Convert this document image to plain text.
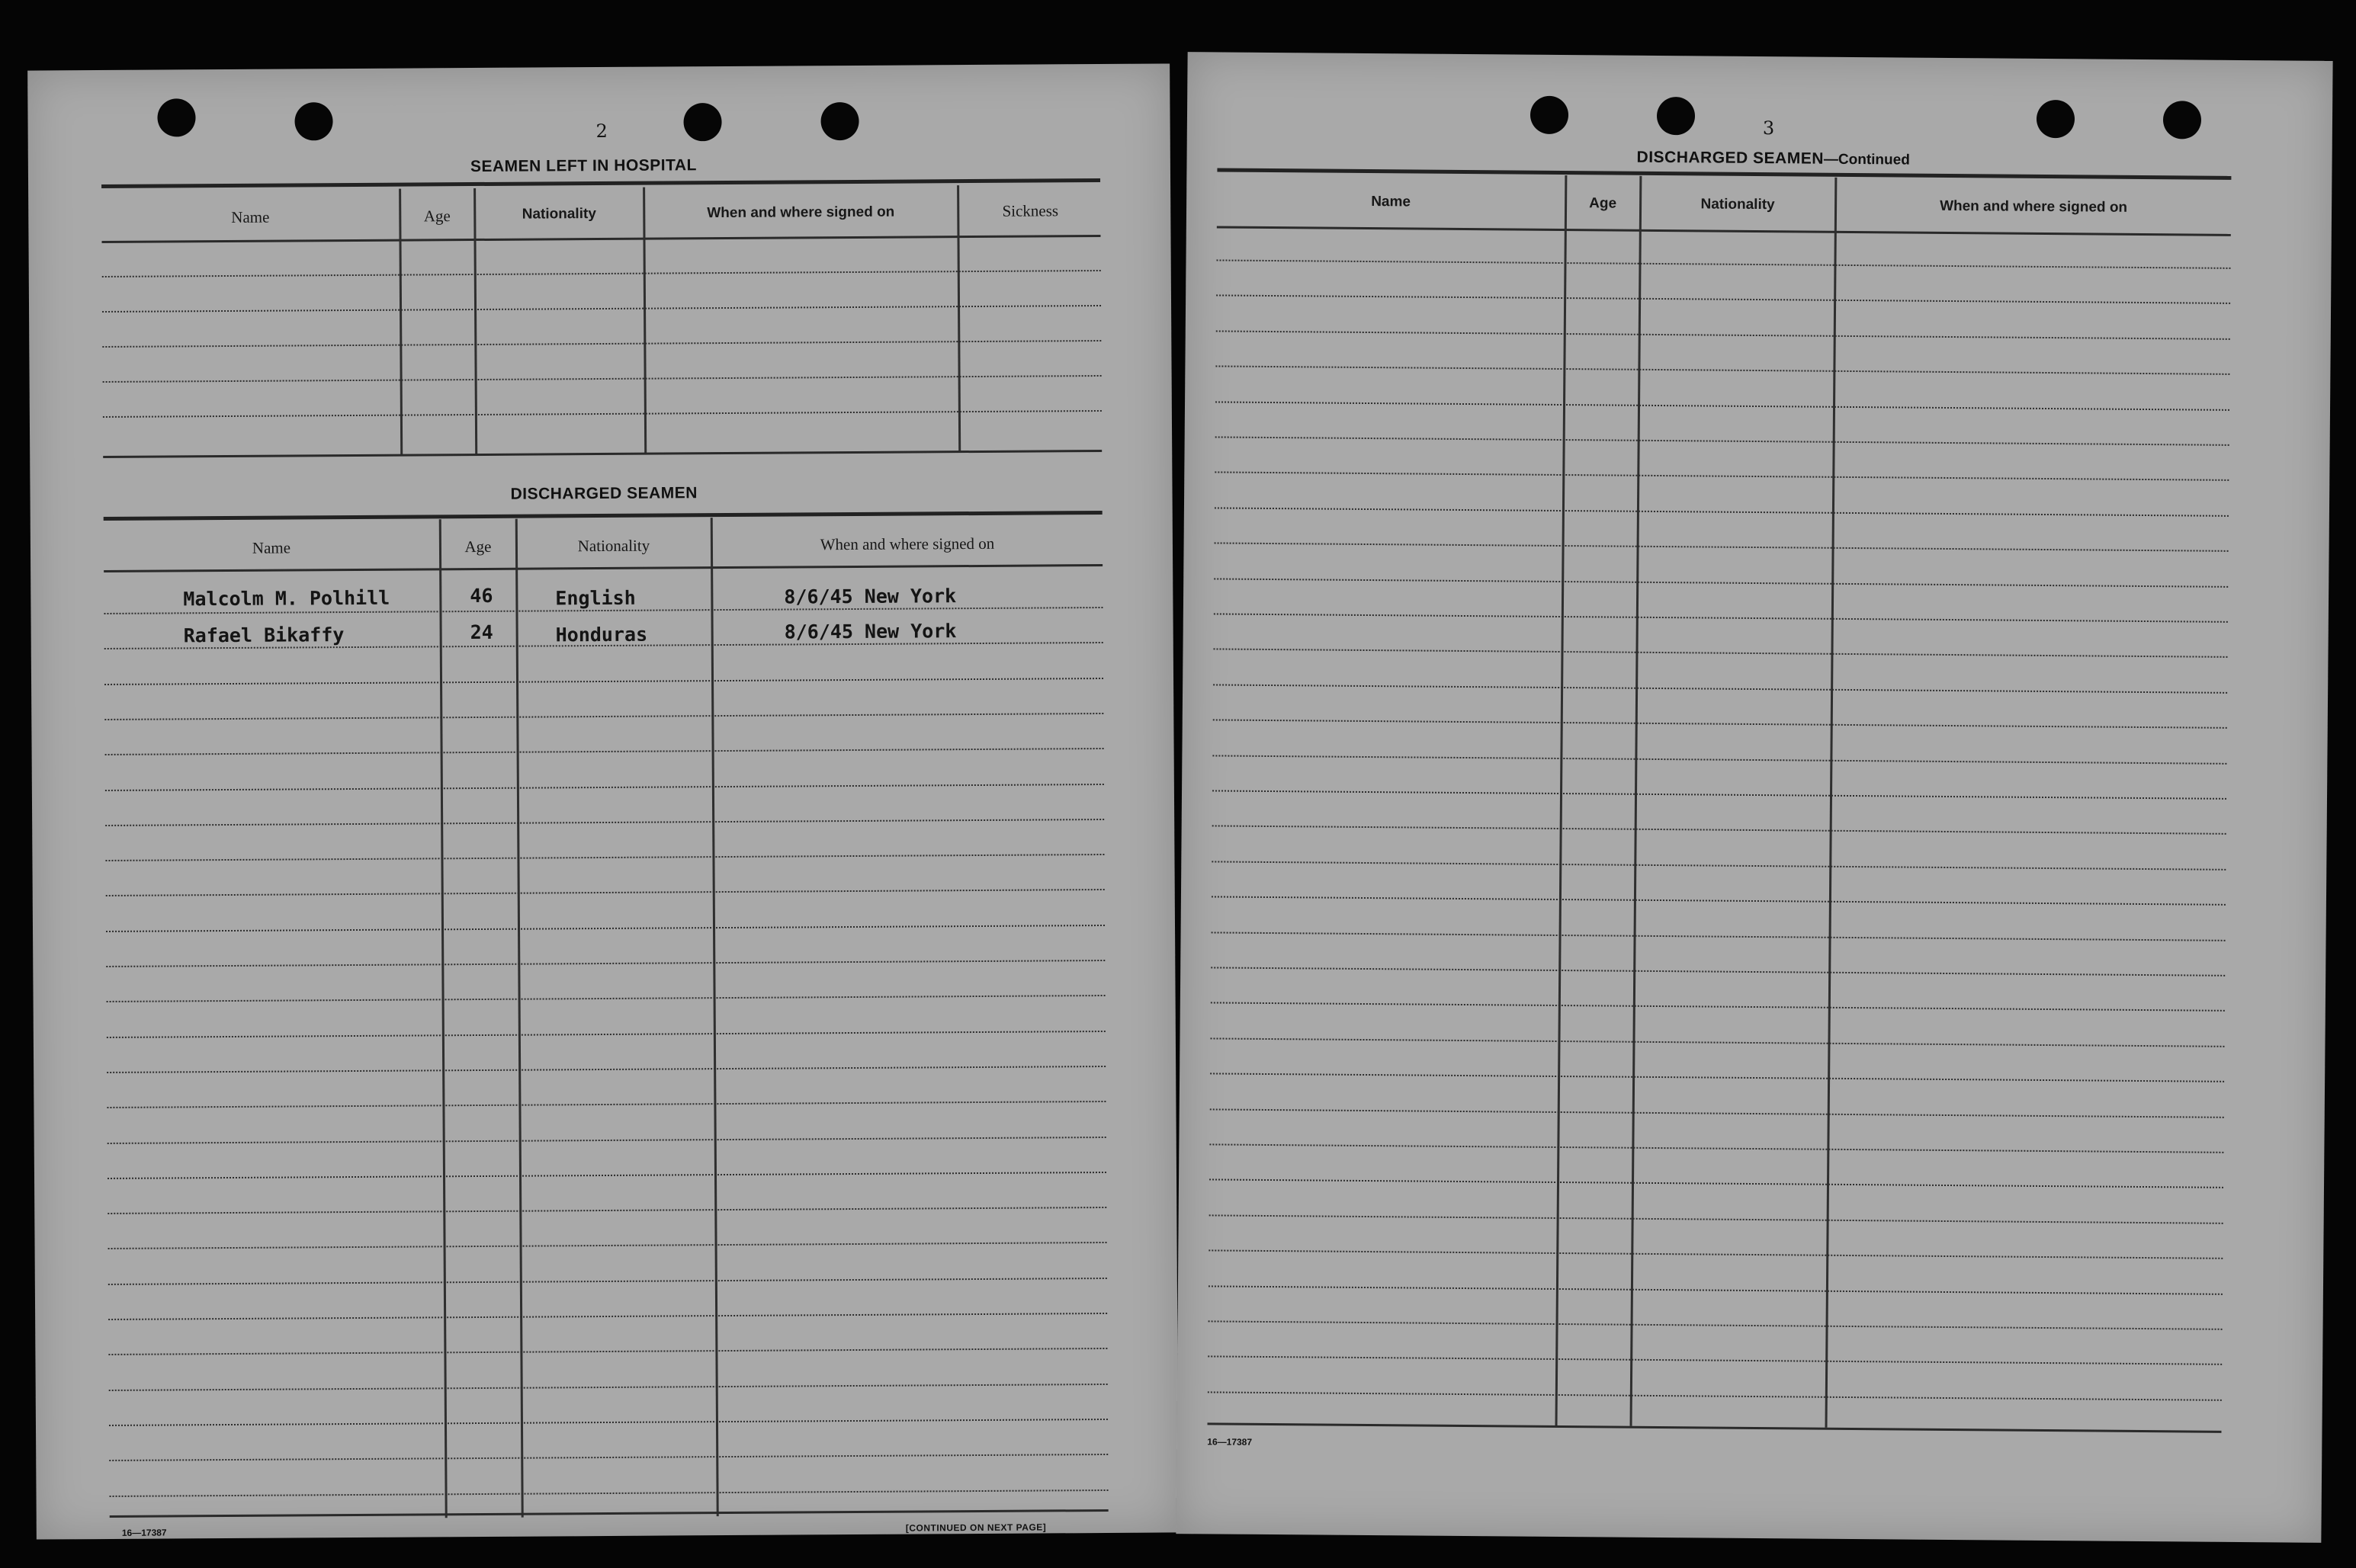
2
SEAMEN LEFT IN HOSPITAL
Name	Age	Nationality	When and where signed on	Sickness
DISCHARGED SEAMEN
Name	Age	Nationality	When and where signed on
Malcolm M. Polhill	46	English	8/6/45 New York
Rafael Bikaffy	24	Honduras	8/6/45 New York
16—17387	[CONTINUED ON NEXT PAGE]
3
DISCHARGED SEAMEN—Continued
Name	Age	Nationality	When and where signed on
16—17387
